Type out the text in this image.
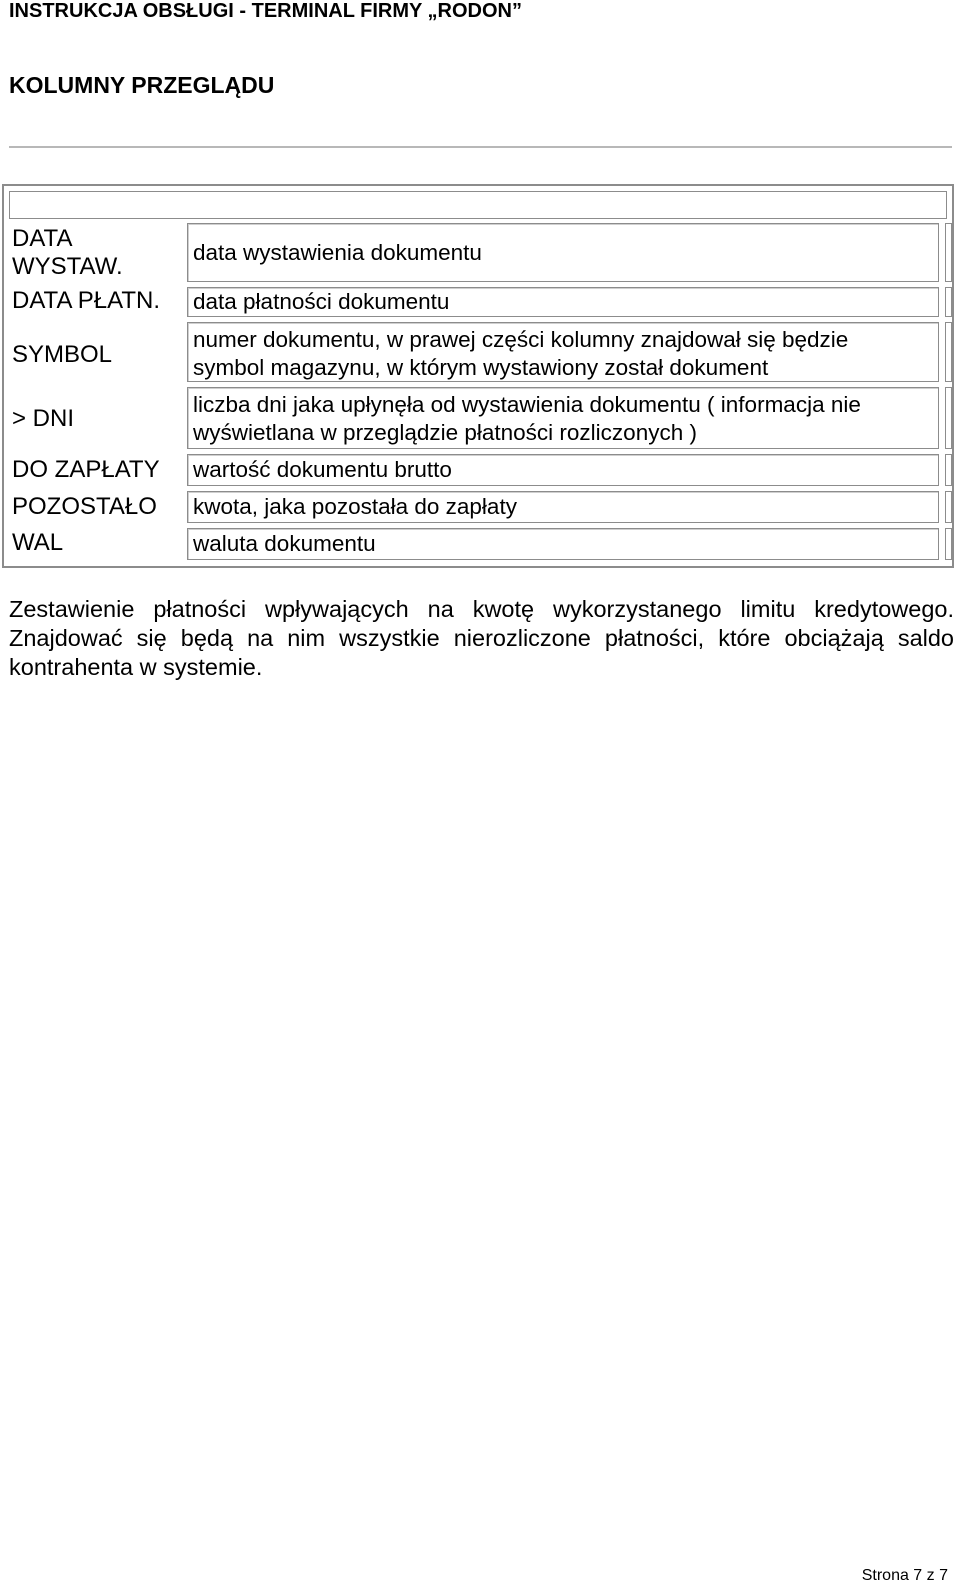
INSTRUKCJA OBSŁUGI - TERMINAL FIRMY „RODON”
KOLUMNY PRZEGLĄDU
DATA
WYSTAW.
data wystawienia dokumentu
DATA PŁATN. data płatności dokumentu
SYMBOL
numer dokumentu, w prawej części kolumny znajdował się będzie
symbol magazynu, w którym wystawiony został dokument
> DNI
liczba dni jaka upłynęła od wystawienia dokumentu ( informacja nie
wyświetlana w przeglądzie płatności rozliczonych )
DO ZAPŁATY wartość dokumentu brutto
POZOSTAŁO kwota, jaka pozostała do zapłaty
WAL	waluta dokumentu
Zestawienie płatności wpływających na kwotę wykorzystanego limitu kredytowego. Znajdować się będą na nim wszystkie nierozliczone płatności, które obciążają saldo kontrahenta w systemie.
Strona 7 z 7
